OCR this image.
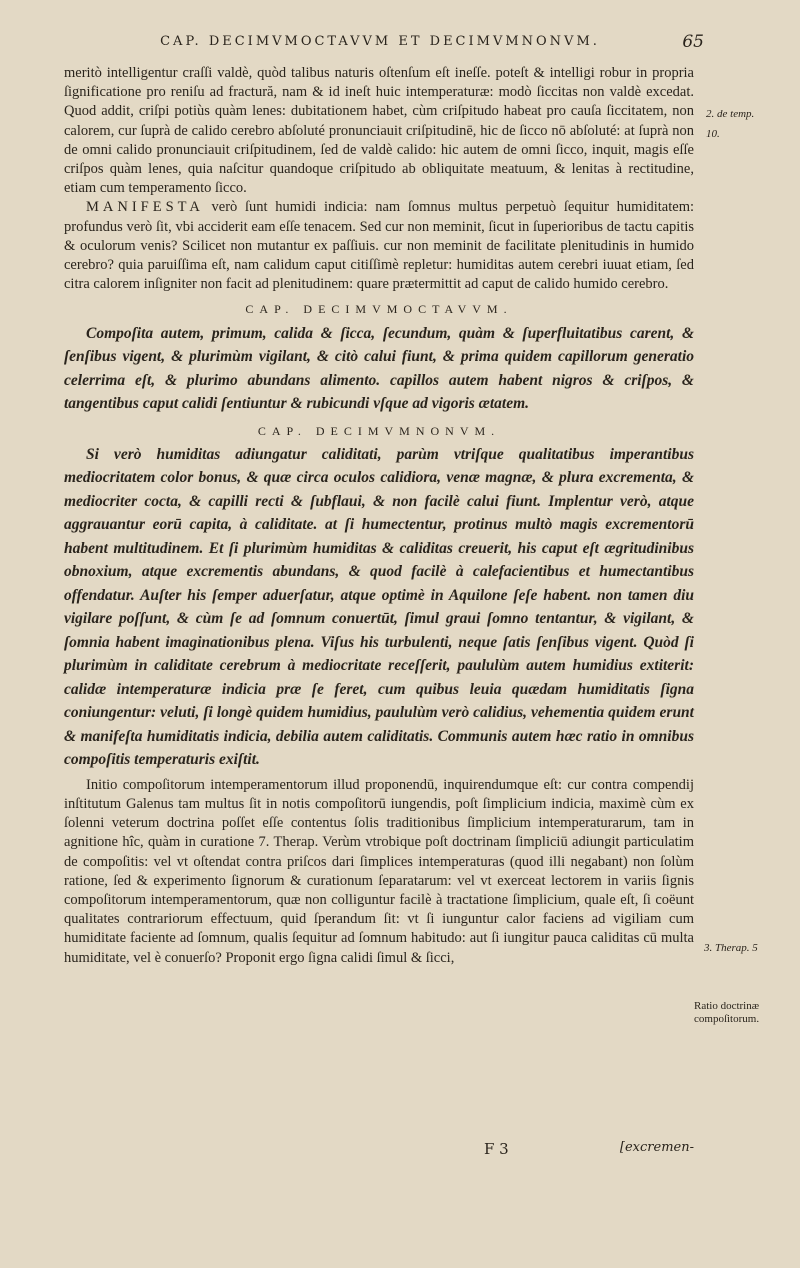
CAP. DECIMVMOCTAVVM ET DECIMVMNONVM.	65
2. de temp.
10.
3. Therap. 5
Ratio doctrinæ compoſitorum.

meritò intelligentur craſſi valdè, quòd talibus naturis oſtenſum eſt ineſſe. poteſt & intelligi robur in propria ſignificatione pro reniſu ad fractură, nam & id ineſt huic intemperaturæ: modò ſiccitas non valdè excedat. Quod addit, criſpi potiùs quàm lenes: dubitationem habet, cùm criſpitudo habeat pro cauſa ſiccitatem, non calorem, cur ſuprà de calido cerebro abſoluté pronunciauit criſpitudinē, hic de ſicco nō abſoluté: at ſuprà non de omni calido pronunciauit criſpitudinem, ſed de valdè calido: hic autem de omni ſicco, inquit, magis eſſe criſpos quàm lenes, quia naſcitur quandoque criſpitudo ab obliquitate meatuum, & lenitas à rectitudine, etiam cum temperamento ſicco.

MANIFESTA verò ſunt humidi indicia: nam ſomnus multus perpetuò ſequitur humiditatem: profundus verò ſit, vbi acciderit eam eſſe tenacem. Sed cur non meminit, ſicut in ſuperioribus de tactu capitis & oculorum venis? Scilicet non mutantur ex paſſiuis. cur non meminit de facilitate plenitudinis in humido cerebro? quia paruiſſima eſt, nam calidum caput citiſſimè repletur: humiditas autem cerebri iuuat etiam, ſed citra calorem inſigniter non facit ad plenitudinem: quare prætermittit ad caput de calido humido cerebro.

CAP. DECIMVMOCTAVVM.

Compoſita autem, primum, calida & ſicca, ſecundum, quàm & ſuperfluitatibus carent, & ſenſibus vigent, & plurimùm vigilant, & citò calui fiunt, & prima quidem capillorum generatio celerrima eſt, & plurimo abundans alimento. capillos autem habent nigros & criſpos, & tangentibus caput calidi ſentiuntur & rubicundi vſque ad vigoris ætatem.

CAP. DECIMVMNONVM.

Si verò humiditas adiungatur caliditati, parùm vtriſque qualitatibus imperantibus mediocritatem color bonus, & quæ circa oculos calidiora, venæ magnæ, & plura excrementa, & mediocriter cocta, & capilli recti & ſubflaui, & non facilè calui fiunt. Implentur verò, atque aggrauantur eorū capita, à caliditate. at ſi humectentur, protinus multò magis excrementorū habent multitudinem. Et ſi plurimùm humiditas & caliditas creuerit, his caput eſt ægritudinibus obnoxium, atque excrementis abundans, & quod facilè à calefacientibus et humectantibus offendatur. Auſter his ſemper aduerſatur, atque optimè in Aquilone ſeſe habent. non tamen diu vigilare poſſunt, & cùm ſe ad ſomnum conuertūt, ſimul graui ſomno tentantur, & vigilant, & ſomnia habent imaginationibus plena. Viſus his turbulenti, neque ſatis ſenſibus vigent. Quòd ſi plurimùm in caliditate cerebrum à mediocritate receſſerit, paululùm autem humidius extiterit: calidæ intemperaturæ indicia præ ſe feret, cum quibus leuia quædam humiditatis ſigna coniungentur: veluti, ſi longè quidem humidius, paululùm verò calidius, vehementia quidem erunt & manifeſta humiditatis indicia, debilia autem caliditatis. Communis autem hæc ratio in omnibus compoſitis temperaturis exiſtit.

Initio compoſitorum intemperamentorum illud proponendū, inquirendumque eſt: cur contra compendij inſtitutum Galenus tam multus ſit in notis compoſitorū iungendis, poſt ſimplicium indicia, maximè cùm ex ſolenni veterum doctrina poſſet eſſe contentus ſolis traditionibus ſimplicium intemperaturarum, tam in agnitione hîc, quàm in curatione 7. Therap. Verùm vtrobique poſt doctrinam ſimpliciū adiungit particulatim de compoſitis: vel vt oſtendat contra priſcos dari ſimplices intemperaturas (quod illi negabant) non ſolùm ratione, ſed & experimento ſignorum & curationum ſeparatarum: vel vt exerceat lectorem in variis ſignis compoſitorum intemperamentorum, quæ non colliguntur facilè à tractatione ſimplicium, quale eſt, ſi coëunt qualitates contrariorum effectuum, quid ſperandum ſit: vt ſi iunguntur calor faciens ad vigiliam cum humiditate faciente ad ſomnum, qualis ſequitur ad ſomnum habitudo: aut ſi iungitur pauca caliditas cū multa humiditate, vel è conuerſo? Proponit ergo ſigna calidi ſimul & ſicci,

F 3	[excremen-
